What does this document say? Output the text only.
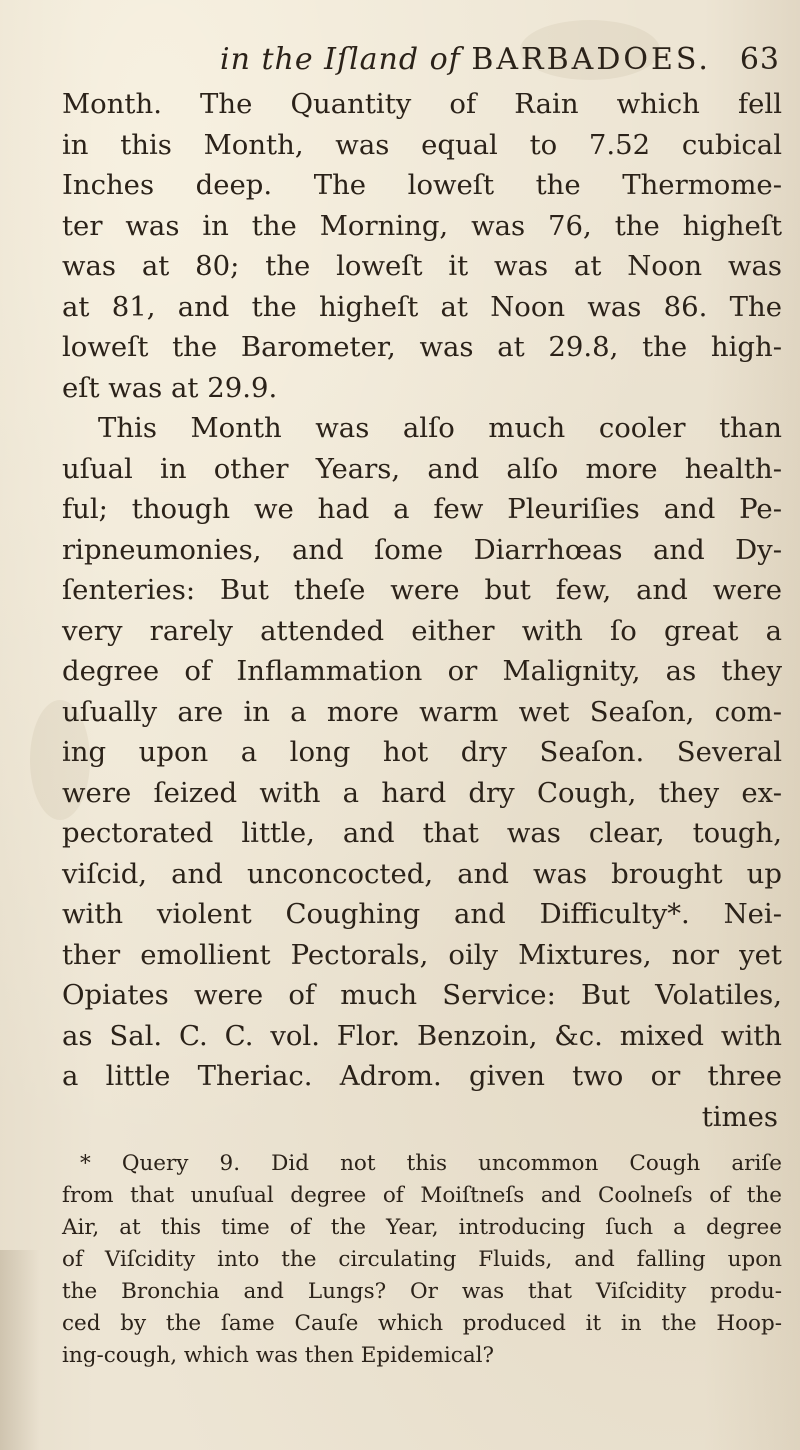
in the Iſland of BARBADOES. 63
Month. The Quantity of Rain which fell
in this Month, was equal to 7.52 cubical
Inches deep. The loweſt the Thermome-
ter was in the Morning, was 76, the higheſt
was at 80; the loweſt it was at Noon was
at 81, and the higheſt at Noon was 86. The
loweſt the Barometer, was at 29.8, the high-
eſt was at 29.9.
This Month was alſo much cooler than
uſual in other Years, and alſo more health-
ful; though we had a few Pleuriſies and Pe-
ripneumonies, and ſome Diarrhœas and Dy-
ſenteries: But theſe were but few, and were
very rarely attended either with ſo great a
degree of Inflammation or Malignity, as they
uſually are in a more warm wet Seaſon, com-
ing upon a long hot dry Seaſon. Several
were ſeized with a hard dry Cough, they ex-
pectorated little, and that was clear, tough,
viſcid, and unconcocted, and was brought up
with violent Coughing and Difficulty*. Nei-
ther emollient Pectorals, oily Mixtures, nor yet
Opiates were of much Service: But Volatiles,
as Sal. C. C. vol. Flor. Benzoin, &c. mixed with
a little Theriac. Adrom. given two or three
times
* Query 9. Did not this uncommon Cough ariſe
from that unuſual degree of Moiſtneſs and Coolneſs of the
Air, at this time of the Year, introducing ſuch a degree
of Viſcidity into the circulating Fluids, and falling upon
the Bronchia and Lungs? Or was that Viſcidity produ-
ced by the ſame Cauſe which produced it in the Hoop-
ing-cough, which was then Epidemical?
